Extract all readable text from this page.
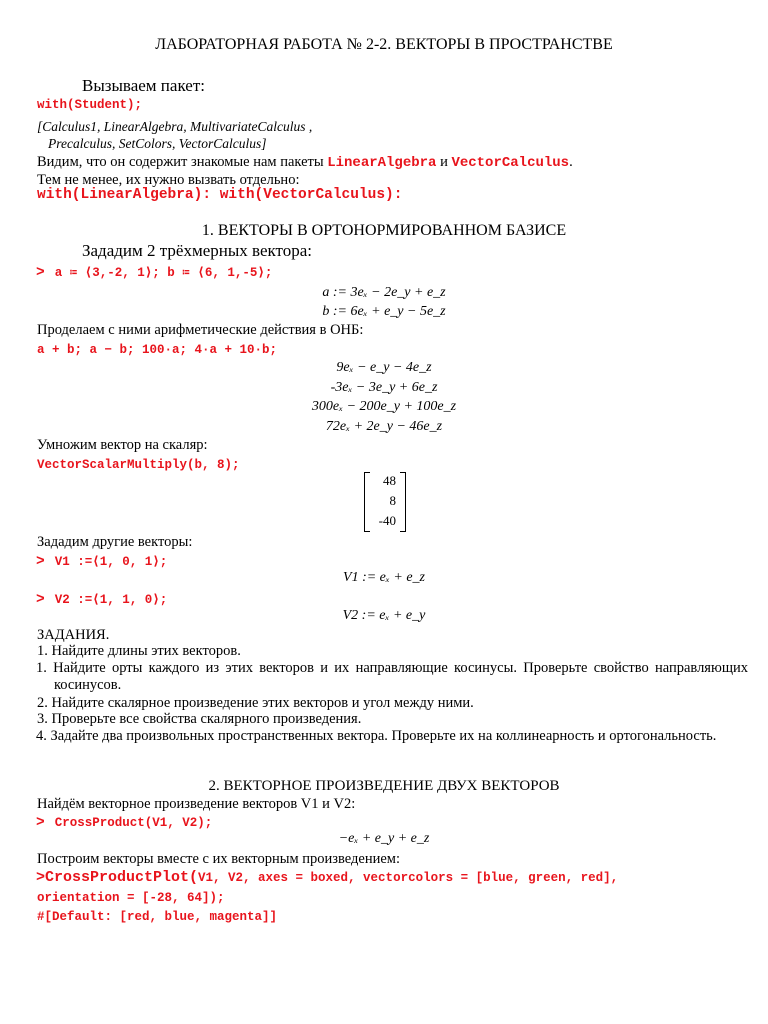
ЛАБОРАТОРНАЯ РАБОТА № 2-2. ВЕКТОРЫ В ПРОСТРАНСТВЕ
Вызываем пакет:
with(Student);
[Calculus1, LinearAlgebra, MultivariateCalculus ,
Precalculus, SetColors, VectorCalculus]
Видим, что он содержит знакомые нам пакеты LinearAlgebra и VectorCalculus.
Тем не менее, их нужно вызвать отдельно:
with(LinearAlgebra): with(VectorCalculus):
1. ВЕКТОРЫ В ОРТОНОРМИРОВАННОМ БАЗИСЕ
Зададим 2 трёхмерных вектора:
> a ≔ ⟨3,-2, 1⟩; b ≔ ⟨6, 1,-5⟩;
a := 3eₓ − 2e_y + e_z
b := 6eₓ + e_y − 5e_z
Проделаем с ними арифметические действия в ОНБ:
a + b; a − b; 100·a; 4·a + 10·b;
9eₓ − e_y − 4e_z
-3eₓ − 3e_y + 6e_z
300eₓ − 200e_y + 100e_z
72eₓ + 2e_y − 46e_z
Умножим вектор на скаляр:
VectorScalarMultiply(b, 8);
48
8
-40
Зададим другие векторы:
> V1 :=⟨1, 0, 1⟩;
V1 := eₓ + e_z
> V2 :=⟨1, 1, 0⟩;
V2 := eₓ + e_y
ЗАДАНИЯ.
1. Найдите длины этих векторов.
1. Найдите орты каждого из этих векторов и их направляющие косинусы. Проверьте свойство направляющих косинусов.
2. Найдите скалярное произведение этих векторов и угол между ними.
3. Проверьте все свойства скалярного произведения.
4. Задайте два произвольных пространственных вектора. Проверьте их на коллинеарность и ортогональность.
2. ВЕКТОРНОЕ ПРОИЗВЕДЕНИЕ ДВУХ ВЕКТОРОВ
Найдём векторное произведение векторов V1 и V2:
> CrossProduct(V1, V2);
−eₓ + e_y + e_z
Построим векторы вместе с их векторным произведением:
>CrossProductPlot(V1, V2, axes = boxed, vectorcolors = [blue, green, red],
orientation = [-28, 64]);
#[Default: [red, blue, magenta]]
